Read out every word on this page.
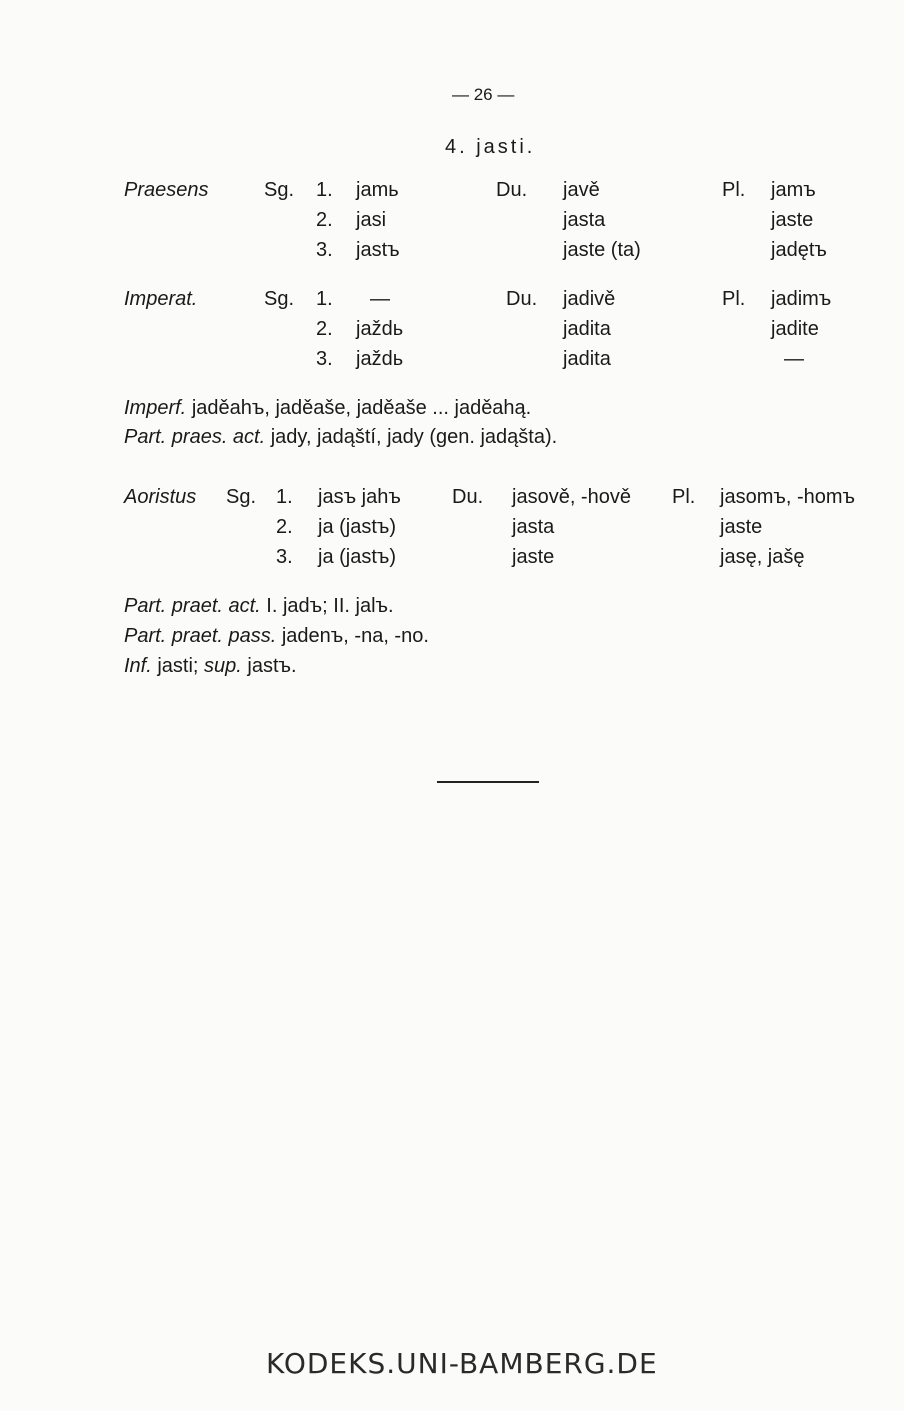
— 26 —
4. jasti.
Praesens	Sg. 1.
2.
3.
jamь
jasi
jastъ
Du. javě
jasta
jaste (ta)
Pl. jamъ
jaste
jadętъ
Imperat.	Sg. 1.
2.
3.
—
jaždь
jaždь
Du. jadivě
jadita
jadita
Pl. jadimъ
jadite
—
Imperf. jaděahъ, jaděaše, jaděaše ... jaděahą.
Part. praes. act. jady, jadąští, jady (gen. jadąšta).
Aoristus Sg. 1.
2.
3.
jasъ jahъ
ja (jastъ)
ja (jastъ)
Du. jasově, -hově
jasta
jaste
Pl. jasomъ, -homъ
jaste
jasę, jašę
Part. praet. act. I. jadъ; II. jalъ.
Part. praet. pass. jadenъ, -na, -no.
Inf. jasti; sup. jastъ.
KODEKS.UNI-BAMBERG.DE
